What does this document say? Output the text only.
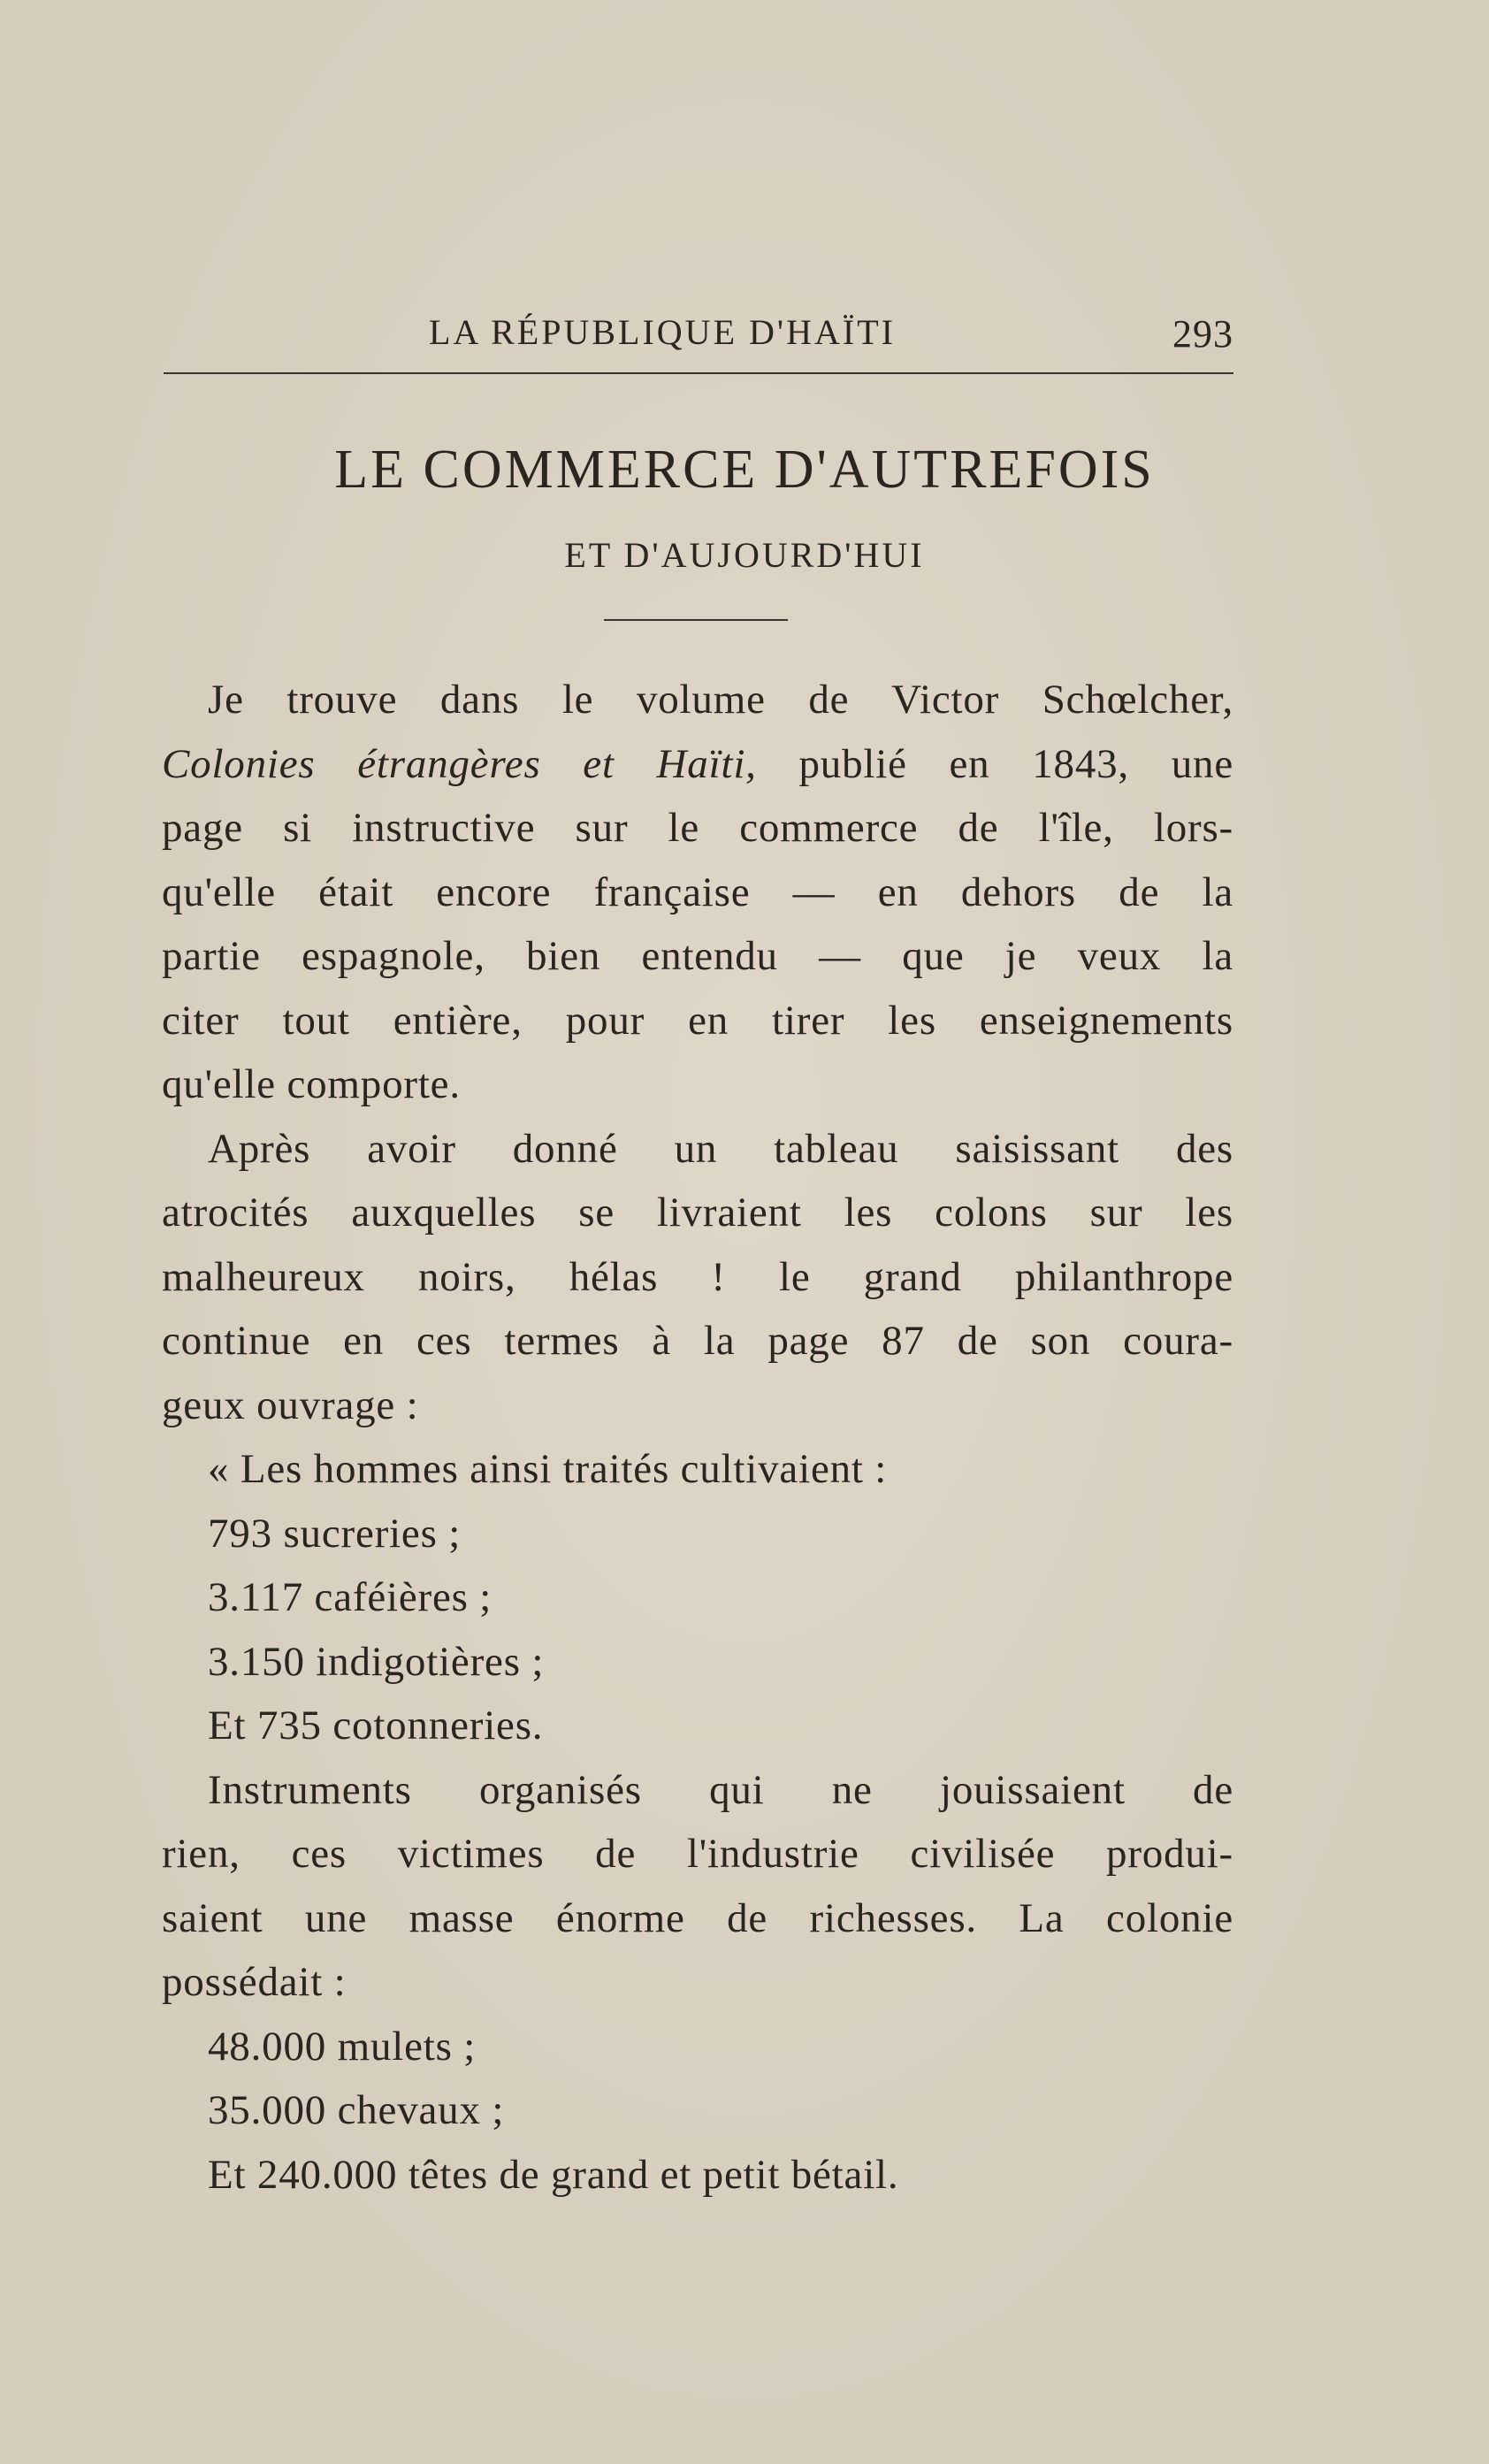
LA RÉPUBLIQUE D'HAÏTI	293
LE COMMERCE D'AUTREFOIS
ET D'AUJOURD'HUI
Je trouve dans le volume de Victor Schœlcher,
Colonies étrangères et Haïti, publié en 1843, une
page si instructive sur le commerce de l'île, lors-
qu'elle était encore française — en dehors de la
partie espagnole, bien entendu — que je veux la
citer tout entière, pour en tirer les enseignements
qu'elle comporte.
Après avoir donné un tableau saisissant des
atrocités auxquelles se livraient les colons sur les
malheureux noirs, hélas ! le grand philanthrope
continue en ces termes à la page 87 de son coura-
geux ouvrage :
« Les hommes ainsi traités cultivaient :
793 sucreries ;
3.117 caféières ;
3.150 indigotières ;
Et 735 cotonneries.
Instruments organisés qui ne jouissaient de
rien, ces victimes de l'industrie civilisée produi-
saient une masse énorme de richesses. La colonie
possédait :
48.000 mulets ;
35.000 chevaux ;
Et 240.000 têtes de grand et petit bétail.
